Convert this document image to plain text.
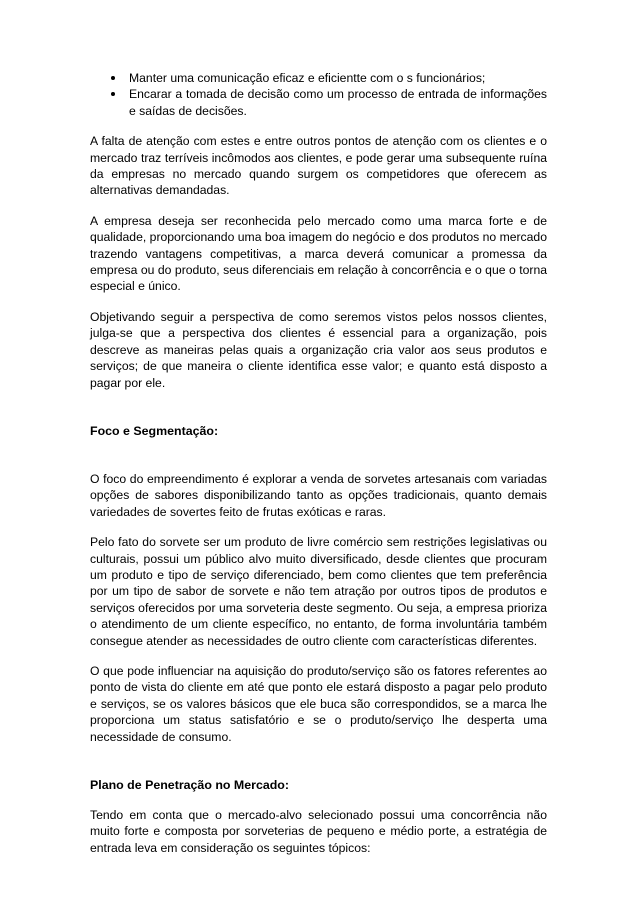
Manter uma comunicação eficaz e eficientte com o s funcionários;
Encarar a tomada de decisão como um processo de entrada de informações e saídas de decisões.

A falta de atenção com estes e entre outros pontos de atenção com os clientes e o mercado traz terríveis incômodos aos clientes, e pode gerar uma subsequente ruína da empresas no mercado quando surgem os competidores que oferecem as alternativas demandadas.

A empresa deseja ser reconhecida pelo mercado como uma marca forte e de qualidade, proporcionando uma boa imagem do negócio e dos produtos no mercado trazendo vantagens competitivas, a marca deverá comunicar a promessa da empresa ou do produto, seus diferenciais em relação à concorrência e o que o torna especial e único.

Objetivando seguir a perspectiva de como seremos vistos pelos nossos clientes, julga-se que a perspectiva dos clientes é essencial para a organização, pois descreve as maneiras pelas quais a organização cria valor aos seus produtos e serviços; de que maneira o cliente identifica esse valor; e quanto está disposto a pagar por ele.

Foco e Segmentação:

O foco do empreendimento é explorar a venda de sorvetes artesanais com variadas opções de sabores disponibilizando tanto as opções tradicionais, quanto demais variedades de sovertes feito de frutas exóticas e raras.

Pelo fato do sorvete ser um produto de livre comércio sem restrições legislativas ou culturais, possui um público alvo muito diversificado, desde clientes que procuram um produto e tipo de serviço diferenciado, bem como clientes que tem preferência por um tipo de sabor de sorvete e não tem atração por outros tipos de produtos e serviços oferecidos por uma sorveteria deste segmento. Ou seja, a empresa prioriza o atendimento de um cliente específico, no entanto, de forma involuntária também consegue atender as necessidades de outro cliente com características diferentes.

O que pode influenciar na aquisição do produto/serviço são os fatores referentes ao ponto de vista do cliente em até que ponto ele estará disposto a pagar pelo produto e serviços, se os valores básicos que ele buca são correspondidos, se a marca lhe proporciona um status satisfatório e se o produto/serviço lhe desperta uma necessidade de consumo.

Plano de Penetração no Mercado:

Tendo em conta que o mercado-alvo selecionado possui uma concorrência não muito forte e composta por sorveterias de pequeno e médio porte, a estratégia de entrada leva em consideração os seguintes tópicos:
